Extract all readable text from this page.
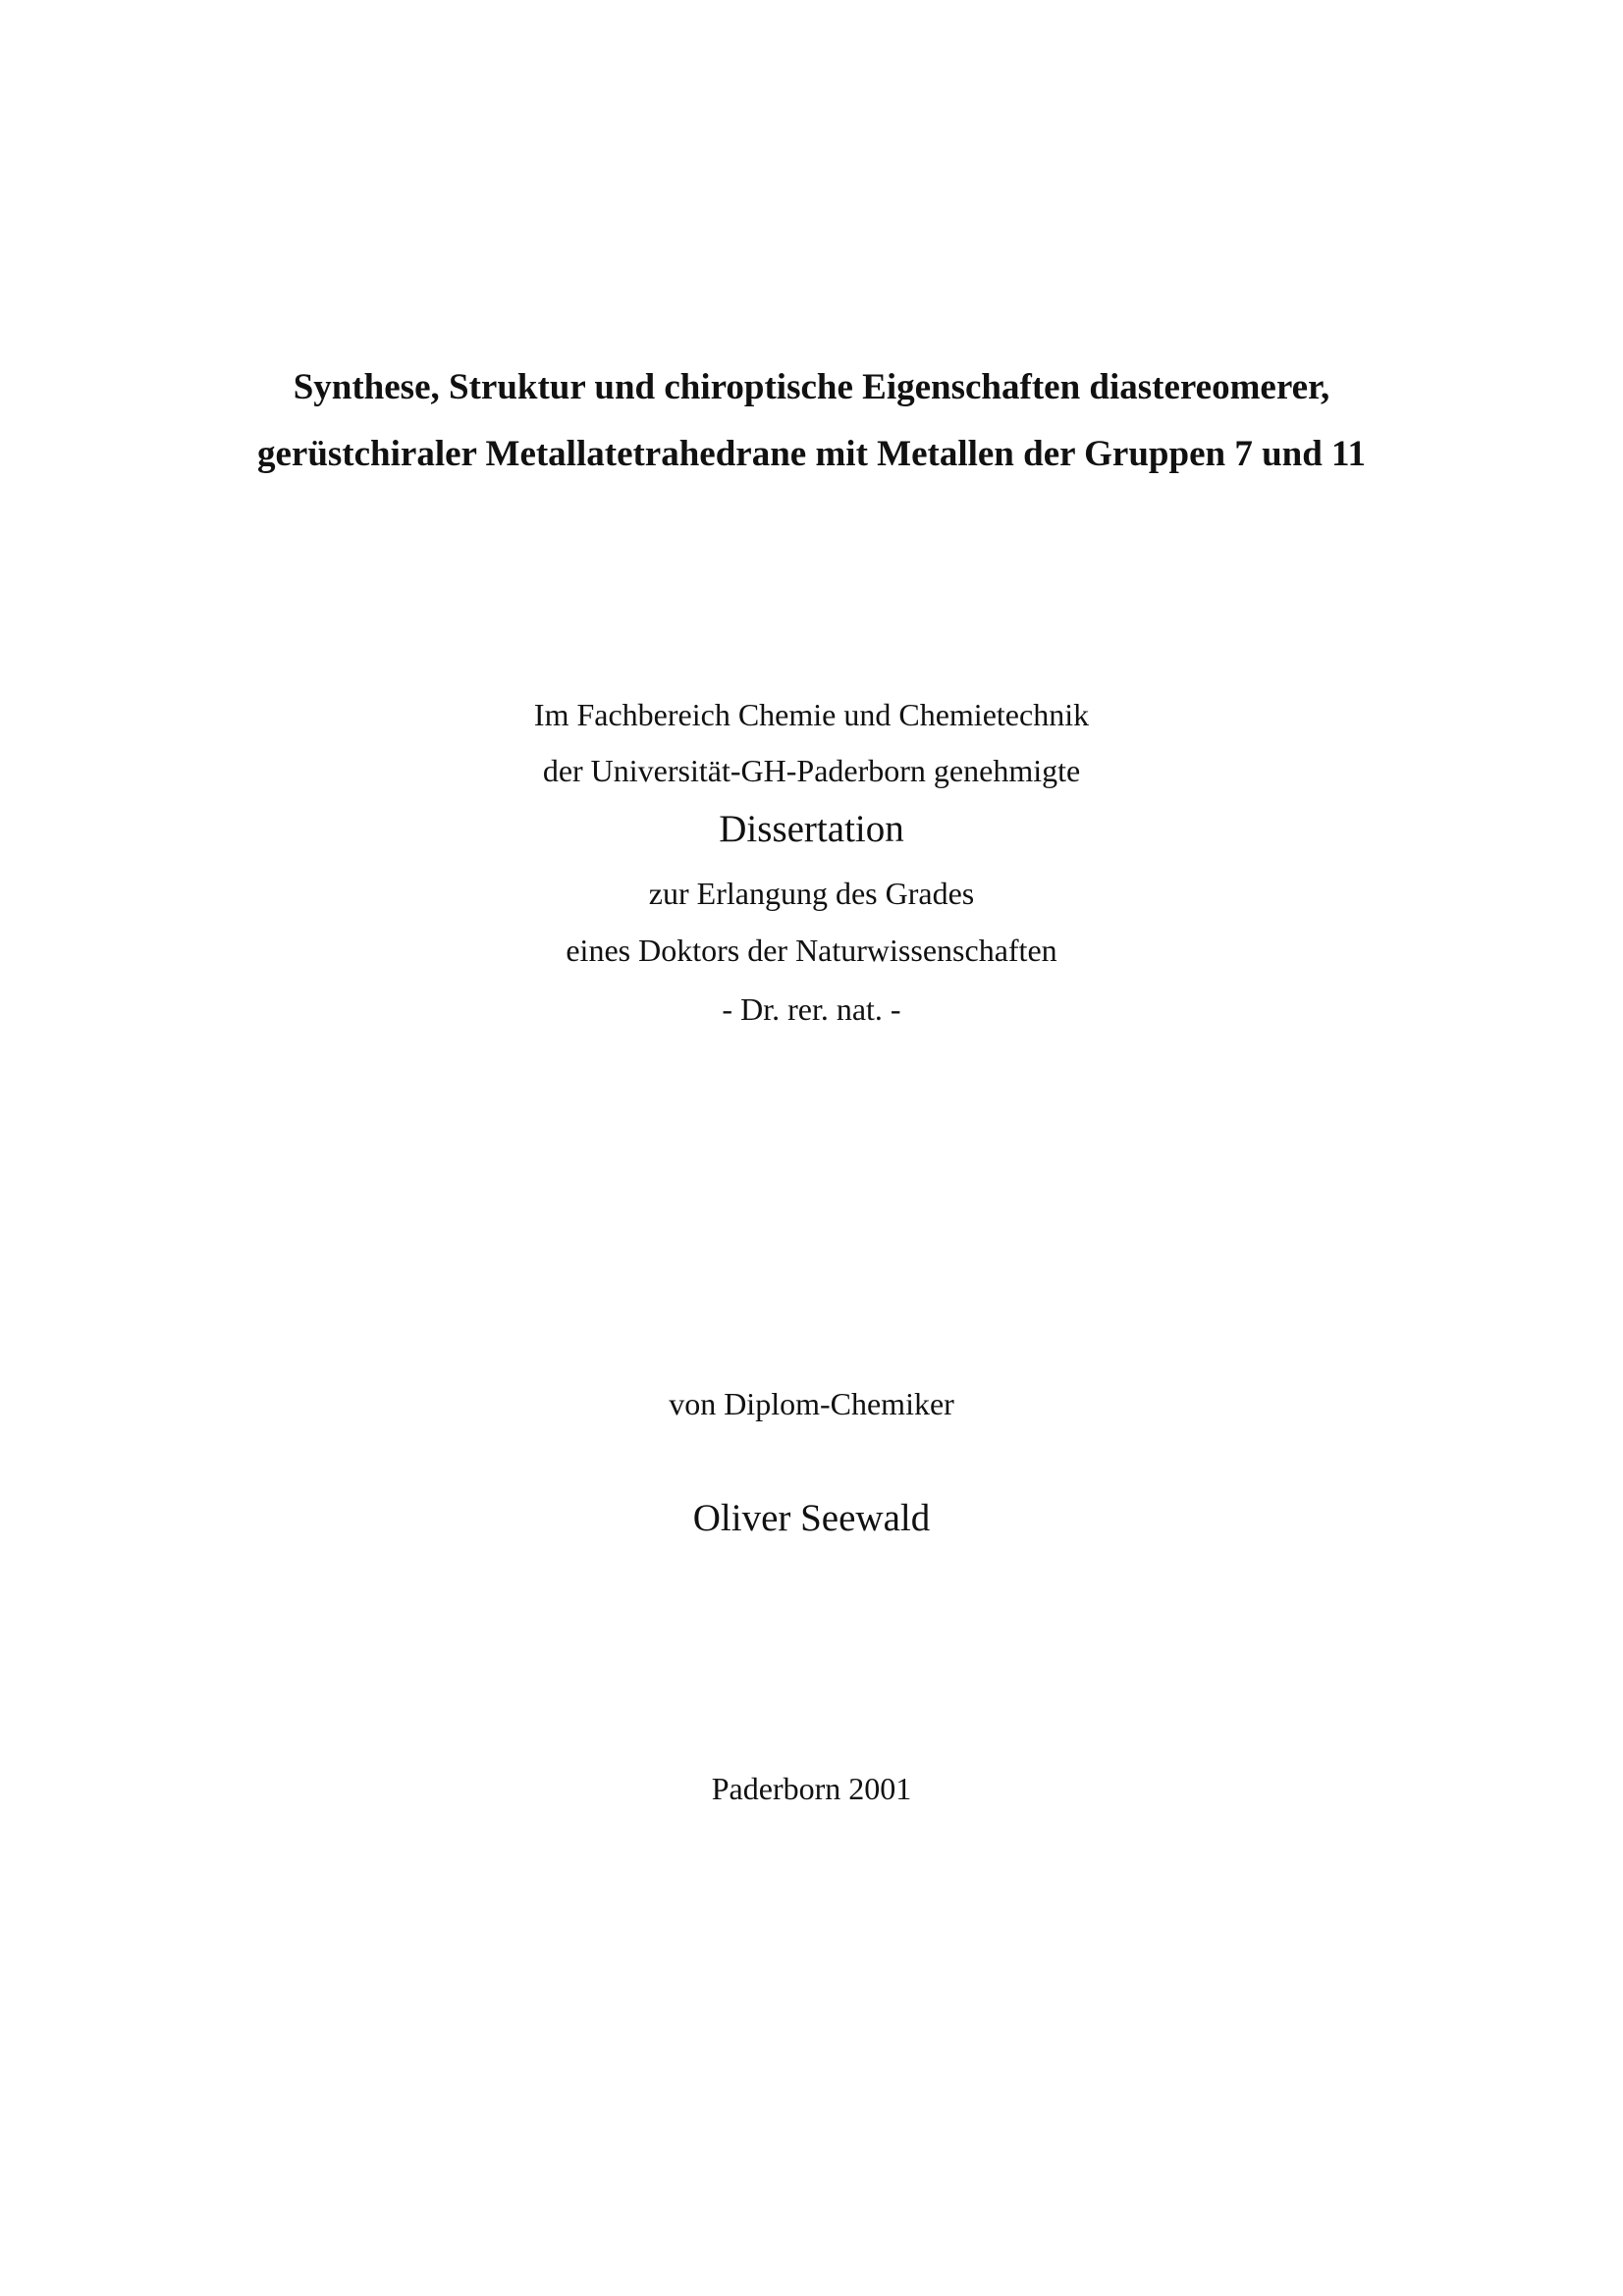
Synthese, Struktur und chiroptische Eigenschaften diastereomerer,

gerüstchiraler Metallatetrahedrane mit Metallen der Gruppen 7 und 11

Im Fachbereich Chemie und Chemietechnik

der Universität-GH-Paderborn genehmigte

Dissertation

zur Erlangung des Grades

eines Doktors der Naturwissenschaften

- Dr. rer. nat. -

von Diplom-Chemiker

Oliver Seewald

Paderborn 2001
